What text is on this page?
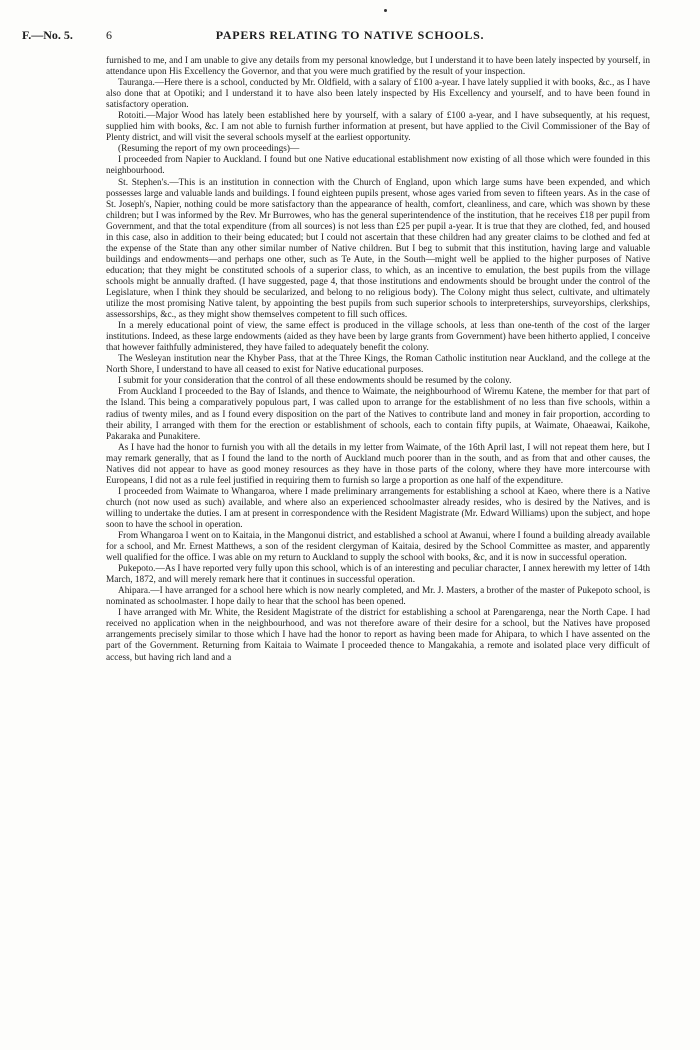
F.—No. 5.	6	PAPERS RELATING TO NATIVE SCHOOLS.

furnished to me, and I am unable to give any details from my personal knowledge, but I understand it to have been lately inspected by yourself, in attendance upon His Excellency the Governor, and that you were much gratified by the result of your inspection.

Tauranga.—Here there is a school, conducted by Mr. Oldfield, with a salary of £100 a-year. I have lately supplied it with books, &c., as I have also done that at Opotiki; and I understand it to have also been lately inspected by His Excellency and yourself, and to have been found in satisfactory operation.

Rotoiti.—Major Wood has lately been established here by yourself, with a salary of £100 a-year, and I have subsequently, at his request, supplied him with books, &c. I am not able to furnish further information at present, but have applied to the Civil Commissioner of the Bay of Plenty district, and will visit the several schools myself at the earliest opportunity.

(Resuming the report of my own proceedings)—

I proceeded from Napier to Auckland. I found but one Native educational establishment now existing of all those which were founded in this neighbourhood.

St. Stephen's.—This is an institution in connection with the Church of England, upon which large sums have been expended, and which possesses large and valuable lands and buildings. I found eighteen pupils present, whose ages varied from seven to fifteen years. As in the case of St. Joseph's, Napier, nothing could be more satisfactory than the appearance of health, comfort, cleanliness, and care, which was shown by these children; but I was informed by the Rev. Mr Burrowes, who has the general superintendence of the institution, that he receives £18 per pupil from Government, and that the total expenditure (from all sources) is not less than £25 per pupil a-year. It is true that they are clothed, fed, and housed in this case, also in addition to their being educated; but I could not ascertain that these children had any greater claims to be clothed and fed at the expense of the State than any other similar number of Native children. But I beg to submit that this institution, having large and valuable buildings and endowments—and perhaps one other, such as Te Aute, in the South—might well be applied to the higher purposes of Native education; that they might be constituted schools of a superior class, to which, as an incentive to emulation, the best pupils from the village schools might be annually drafted. (I have suggested, page 4, that those institutions and endowments should be brought under the control of the Legislature, when I think they should be secularized, and belong to no religious body). The Colony might thus select, cultivate, and ultimately utilize the most promising Native talent, by appointing the best pupils from such superior schools to interpreterships, surveyorships, clerkships, assessorships, &c., as they might show themselves competent to fill such offices.

In a merely educational point of view, the same effect is produced in the village schools, at less than one-tenth of the cost of the larger institutions. Indeed, as these large endowments (aided as they have been by large grants from Government) have been hitherto applied, I conceive that however faithfully administered, they have failed to adequately benefit the colony.

The Wesleyan institution near the Khyber Pass, that at the Three Kings, the Roman Catholic institution near Auckland, and the college at the North Shore, I understand to have all ceased to exist for Native educational purposes.

I submit for your consideration that the control of all these endowments should be resumed by the colony.

From Auckland I proceeded to the Bay of Islands, and thence to Waimate, the neighbourhood of Wiremu Katene, the member for that part of the Island. This being a comparatively populous part, I was called upon to arrange for the establishment of no less than five schools, within a radius of twenty miles, and as I found every disposition on the part of the Natives to contribute land and money in fair proportion, according to their ability, I arranged with them for the erection or establishment of schools, each to contain fifty pupils, at Waimate, Ohaeawai, Kaikohe, Pakaraka and Punakitere.

As I have had the honor to furnish you with all the details in my letter from Waimate, of the 16th April last, I will not repeat them here, but I may remark generally, that as I found the land to the north of Auckland much poorer than in the south, and as from that and other causes, the Natives did not appear to have as good money resources as they have in those parts of the colony, where they have more intercourse with Europeans, I did not as a rule feel justified in requiring them to furnish so large a proportion as one half of the expenditure.

I proceeded from Waimate to Whangaroa, where I made preliminary arrangements for establishing a school at Kaeo, where there is a Native church (not now used as such) available, and where also an experienced schoolmaster already resides, who is desired by the Natives, and is willing to undertake the duties. I am at present in correspondence with the Resident Magistrate (Mr. Edward Williams) upon the subject, and hope soon to have the school in operation.

From Whangaroa I went on to Kaitaia, in the Mangonui district, and established a school at Awanui, where I found a building already available for a school, and Mr. Ernest Matthews, a son of the resident clergyman of Kaitaia, desired by the School Committee as master, and apparently well qualified for the office. I was able on my return to Auckland to supply the school with books, &c, and it is now in successful operation.

Pukepoto.—As I have reported very fully upon this school, which is of an interesting and peculiar character, I annex herewith my letter of 14th March, 1872, and will merely remark here that it continues in successful operation.

Ahipara.—I have arranged for a school here which is now nearly completed, and Mr. J. Masters, a brother of the master of Pukepoto school, is nominated as schoolmaster. I hope daily to hear that the school has been opened.

I have arranged with Mr. White, the Resident Magistrate of the district for establishing a school at Parengarenga, near the North Cape. I had received no application when in the neighbourhood, and was not therefore aware of their desire for a school, but the Natives have proposed arrangements precisely similar to those which I have had the honor to report as having been made for Ahipara, to which I have assented on the part of the Government. Returning from Kaitaia to Waimate I proceeded thence to Mangakahia, a remote and isolated place very difficult of access, but having rich land and a
